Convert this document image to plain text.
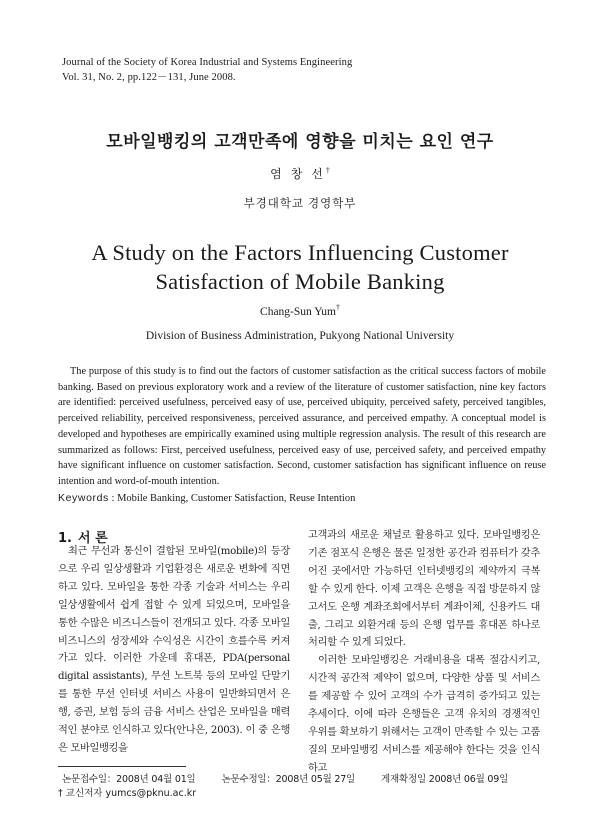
Journal of the Society of Korea Industrial and Systems Engineering
Vol. 31, No. 2, pp.122－131, June 2008.
모바일뱅킹의 고객만족에 영향을 미치는 요인 연구
염 창 선†
부경대학교 경영학부
A Study on the Factors Influencing Customer Satisfaction of Mobile Banking
Chang-Sun Yum†
Division of Business Administration, Pukyong National University
The purpose of this study is to find out the factors of customer satisfaction as the critical success factors of mobile banking. Based on previous exploratory work and a review of the literature of customer satisfaction, nine key factors are identified: perceived usefulness, perceived easy of use, perceived ubiquity, perceived safety, perceived tangibles, perceived reliability, perceived responsiveness, perceived assurance, and perceived empathy. A conceptual model is developed and hypotheses are empirically examined using multiple regression analysis. The result of this research are summarized as follows: First, perceived usefulness, perceived easy of use, perceived safety, and perceived empathy have significant influence on customer satisfaction. Second, customer satisfaction has significant influence on reuse intention and word-of-mouth intention.
Keywords : Mobile Banking, Customer Satisfaction, Reuse Intention
1. 서 론

최근 무선과 통신이 결합된 모바일(mobile)의 등장으로 우리 일상생활과 기업환경은 새로운 변화에 직면하고 있다. 모바일을 통한 각종 기술과 서비스는 우리 일상생활에서 쉽게 접할 수 있게 되었으며, 모바일을 통한 수많은 비즈니스들이 전개되고 있다. 각종 모바일 비즈니스의 성장세와 수익성은 시간이 흐를수록 커져가고 있다. 이러한 가운데 휴대폰, PDA(personal digital assistants), 무선 노트북 등의 모바일 단말기를 통한 무선 인터넷 서비스 사용이 일반화되면서 은행, 증권, 보험 등의 금융 서비스 산업은 모바일을 매력적인 분야로 인식하고 있다(안나은, 2003). 이 중 은행은 모바일뱅킹을

고객과의 새로운 채널로 활용하고 있다. 모바일뱅킹은 기존 점포식 은행은 물론 일정한 공간과 컴퓨터가 갖추어진 곳에서만 가능하던 인터넷뱅킹의 제약까지 극복할 수 있게 한다. 이제 고객은 은행을 직접 방문하지 않고서도 은행 계좌조회에서부터 계좌이체, 신용카드 대출, 그리고 외환거래 등의 은행 업무를 휴대폰 하나로 처리할 수 있게 되었다.

이러한 모바일뱅킹은 거래비용을 대폭 절감시키고, 시간적 공간적 제약이 없으며, 다양한 상품 및 서비스를 제공할 수 있어 고객의 수가 급격히 증가되고 있는 추세이다. 이에 따라 은행들은 고객 유치의 경쟁적인 우위를 확보하기 위해서는 고객이 만족할 수 있는 고품질의 모바일뱅킹 서비스를 제공해야 한다는 것을 인식하고

논문접수일：2008년 04월 01일	논문수정일：2008년 05월 27일	게재확정일 2008년 06월 09일
† 교신저자 yumcs@pknu.ac.kr
